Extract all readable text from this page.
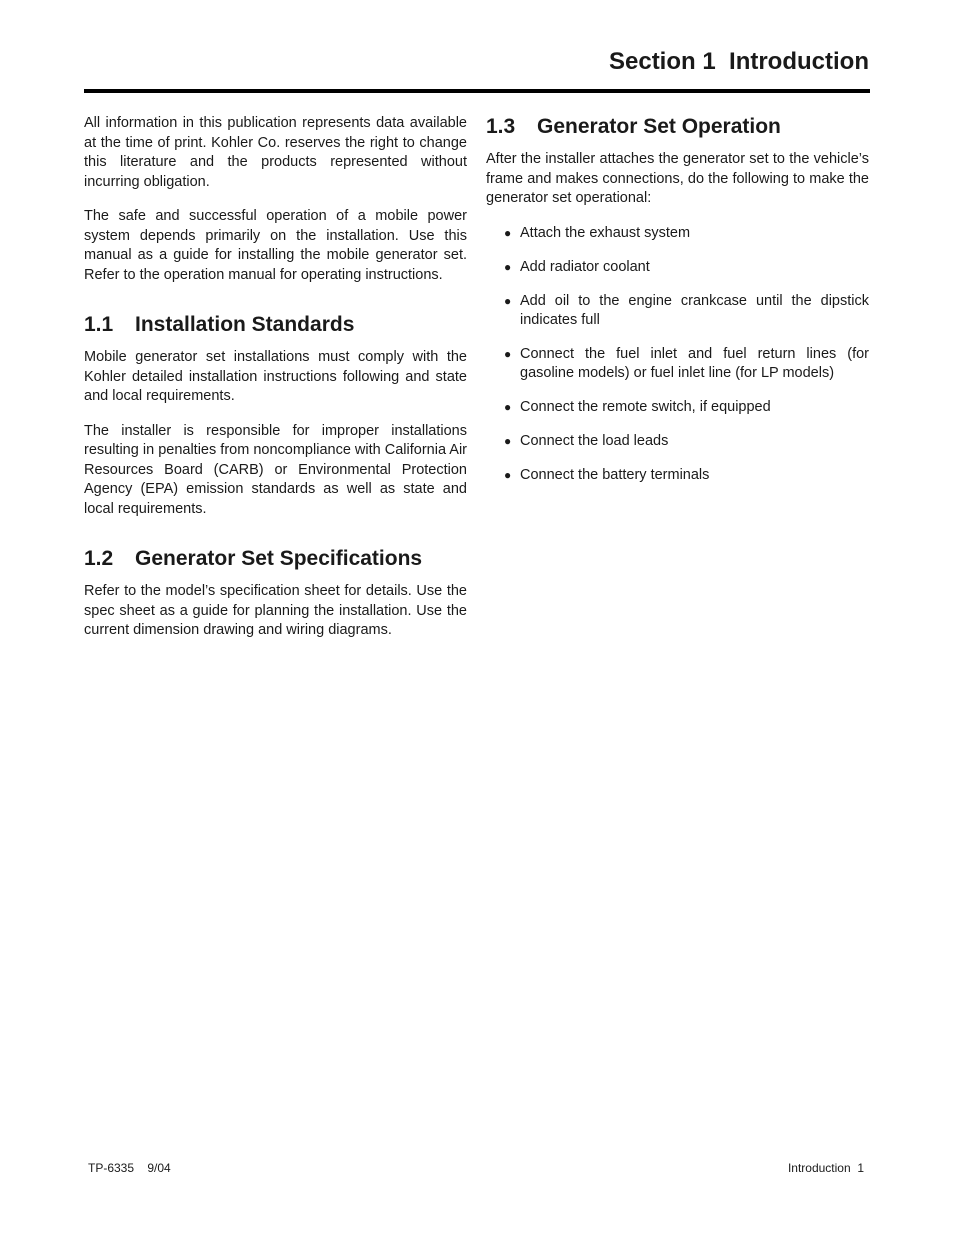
Section 1  Introduction

All information in this publication represents data available at the time of print. Kohler Co. reserves the right to change this literature and the products represented without incurring obligation.

The safe and successful operation of a mobile power system depends primarily on the installation. Use this manual as a guide for installing the mobile generator set. Refer to the operation manual for operating instructions.

1.1	Installation Standards

Mobile generator set installations must comply with the Kohler detailed installation instructions following and state and local requirements.

The installer is responsible for improper installations resulting in penalties from noncompliance with California Air Resources Board (CARB) or Environmental Protection Agency (EPA) emission standards as well as state and local requirements.

1.2	Generator Set Specifications

Refer to the model’s specification sheet for details. Use the spec sheet as a guide for planning the installation. Use the current dimension drawing and wiring diagrams.

1.3	Generator Set Operation

After the installer attaches the generator set to the vehicle’s frame and makes connections, do the following to make the generator set operational:

● Attach the exhaust system
● Add radiator coolant
● Add oil to the engine crankcase until the dipstick indicates full
● Connect the fuel inlet and fuel return lines (for gasoline models) or fuel inlet line (for LP models)
● Connect the remote switch, if equipped
● Connect the load leads
● Connect the battery terminals
TP-6335    9/04	Introduction  1
